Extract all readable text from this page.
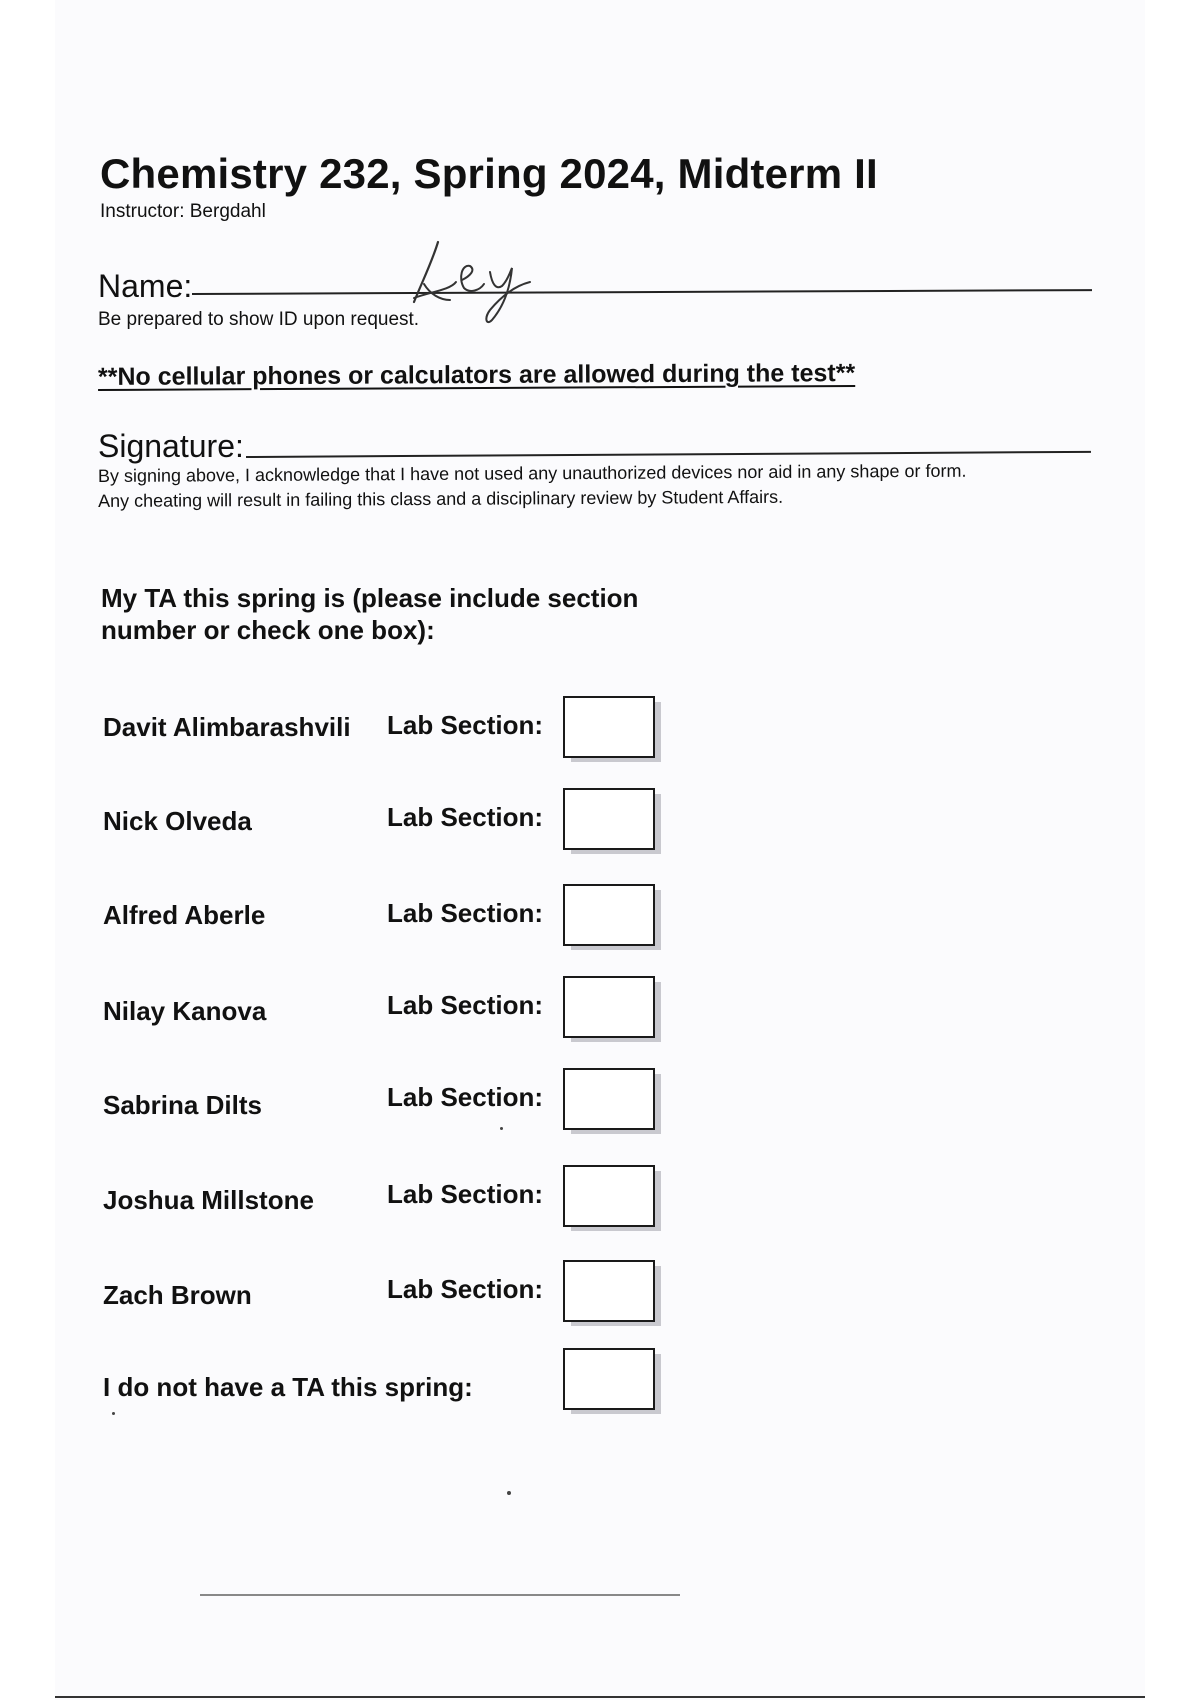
Chemistry 232, Spring 2024, Midterm II
Instructor: Bergdahl
Name:
Be prepared to show ID upon request.
**No cellular phones or calculators are allowed during the test**
Signature:
By signing above, I acknowledge that I have not used any unauthorized devices nor aid in any shape or form.
Any cheating will result in failing this class and a disciplinary review by Student Affairs.
My TA this spring is (please include section
number or check one box):
Davit Alimbarashvili Lab Section:
Nick Olveda	Lab Section:
Alfred Aberle	Lab Section:
Nilay Kanova	Lab Section:
Sabrina Dilts	Lab Section:
Joshua Millstone	Lab Section:
Zach Brown	Lab Section:
I do not have a TA this spring:
